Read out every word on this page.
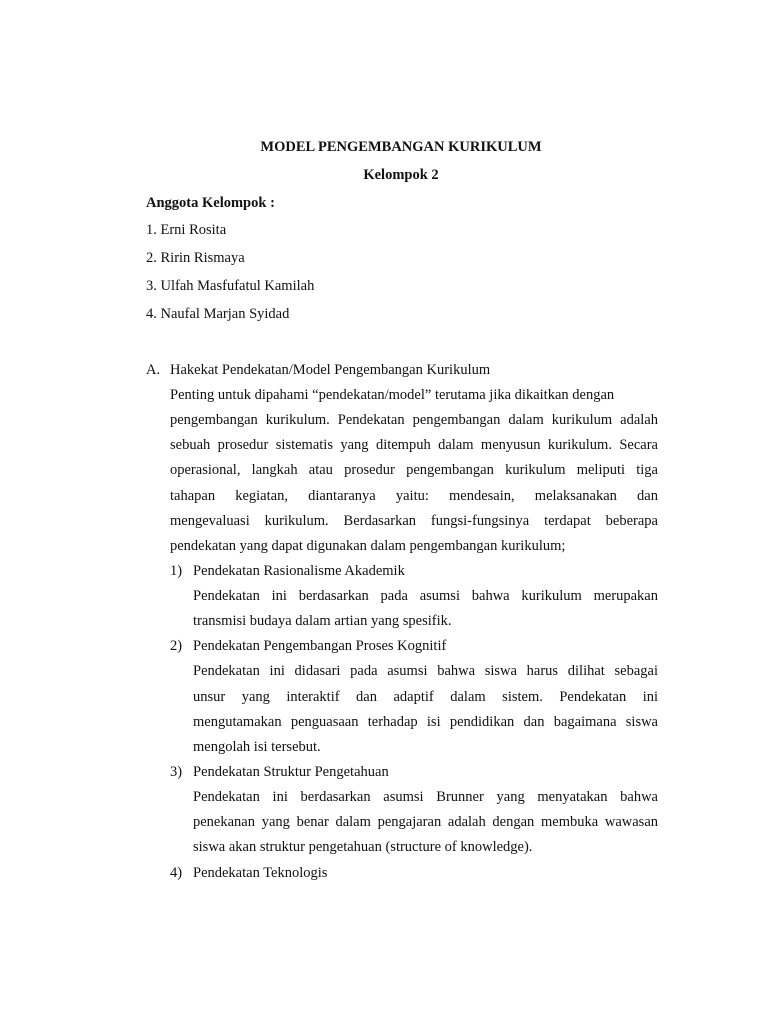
MODEL PENGEMBANGAN KURIKULUM
Kelompok 2
Anggota Kelompok :
1. Erni Rosita
2. Ririn Rismaya
3. Ulfah Masfufatul Kamilah
4. Naufal Marjan Syidad
A. Hakekat Pendekatan/Model Pengembangan Kurikulum
Penting untuk dipahami “pendekatan/model” terutama jika dikaitkan dengan
pengembangan kurikulum. Pendekatan pengembangan dalam kurikulum adalah
sebuah prosedur sistematis yang ditempuh dalam menyusun kurikulum. Secara
operasional, langkah atau prosedur pengembangan kurikulum meliputi tiga
tahapan kegiatan, diantaranya yaitu: mendesain, melaksanakan dan
mengevaluasi kurikulum. Berdasarkan fungsi-fungsinya terdapat beberapa
pendekatan yang dapat digunakan dalam pengembangan kurikulum;
1) Pendekatan Rasionalisme Akademik
Pendekatan ini berdasarkan pada asumsi bahwa kurikulum merupakan
transmisi budaya dalam artian yang spesifik.
2) Pendekatan Pengembangan Proses Kognitif
Pendekatan ini didasari pada asumsi bahwa siswa harus dilihat sebagai
unsur yang interaktif dan adaptif dalam sistem. Pendekatan ini
mengutamakan penguasaan terhadap isi pendidikan dan bagaimana siswa
mengolah isi tersebut.
3) Pendekatan Struktur Pengetahuan
Pendekatan ini berdasarkan asumsi Brunner yang menyatakan bahwa
penekanan yang benar dalam pengajaran adalah dengan membuka wawasan
siswa akan struktur pengetahuan (structure of knowledge).
4) Pendekatan Teknologis
